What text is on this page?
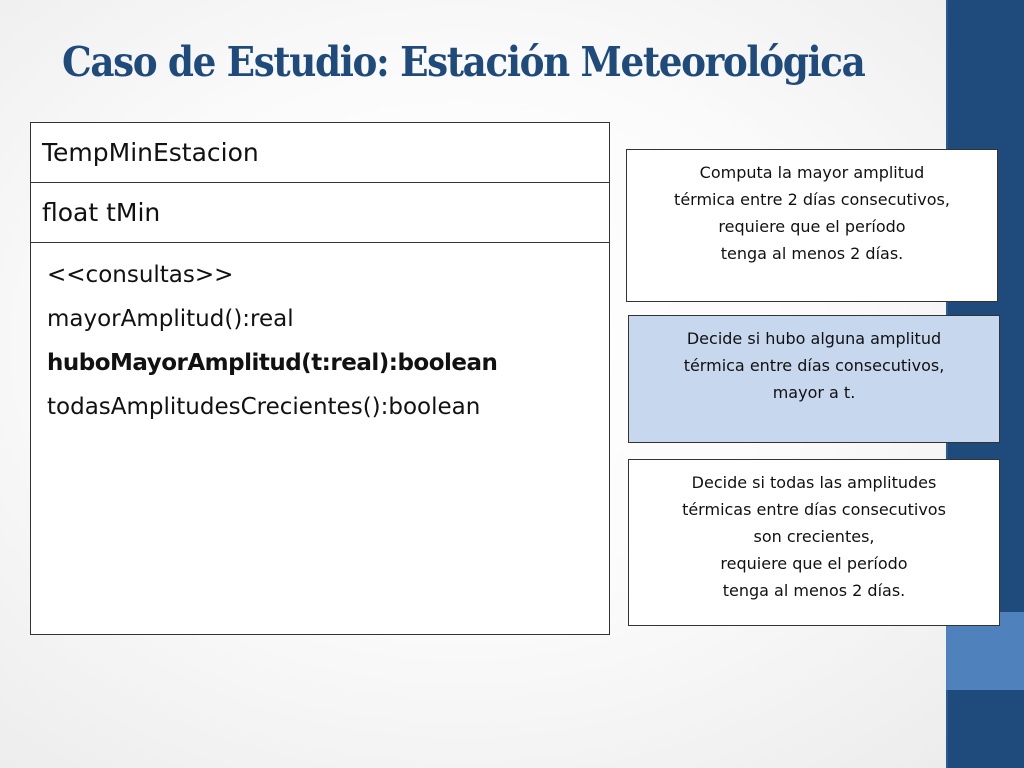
Caso de Estudio: Estación Meteorológica
TempMinEstacion
float tMin
<<consultas>>
mayorAmplitud():real
huboMayorAmplitud(t:real):boolean
todasAmplitudesCrecientes():boolean
Computa la mayor amplitud
térmica entre 2 días consecutivos,
requiere que el período
tenga al menos 2 días.
Decide si hubo alguna amplitud
térmica entre días consecutivos,
mayor a t.
Decide si todas las amplitudes
térmicas entre días consecutivos
son crecientes,
requiere que el período
tenga al menos 2 días.
